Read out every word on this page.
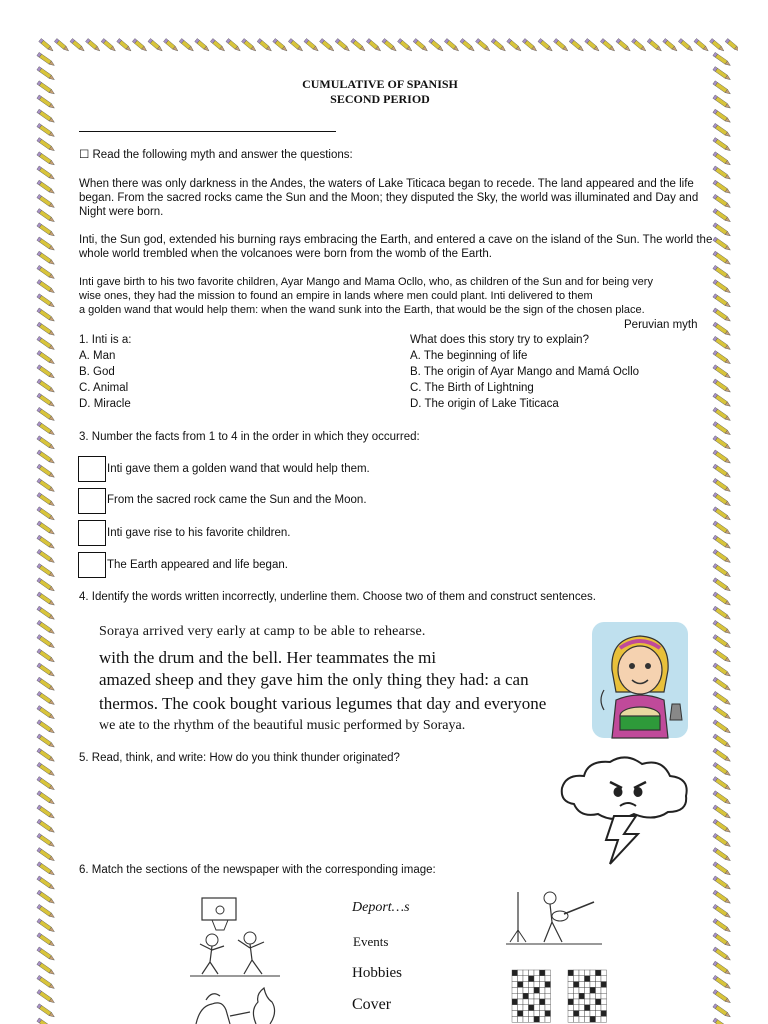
CUMULATIVE OF SPANISH
SECOND PERIOD
☐ Read the following myth and answer the questions:
When there was only darkness in the Andes, the waters of Lake Titicaca began to recede. The land appeared and the life began. From the sacred rocks came the Sun and the Moon; they disputed the Sky, the world was illuminated and Day and Night were born.
Inti, the Sun god, extended his burning rays embracing the Earth, and entered a cave on the island of the Sun. The world the whole world trembled when the volcanoes were born from the womb of the Earth.
Inti gave birth to his two favorite children, Ayar Mango and Mama Ocllo, who, as children of the Sun and for being very
wise ones, they had the mission to found an empire in lands where men could plant. Inti delivered to them
a golden wand that would help them: when the wand sunk into the Earth, that would be the sign of the chosen place.
Peruvian myth
1. Inti is a:
A. Man
B. God
C. Animal
D. Miracle
What does this story try to explain?
A. The beginning of life
B. The origin of Ayar Mango and Mamá Ocllo
C. The Birth of Lightning
D. The origin of Lake Titicaca
3. Number the facts from 1 to 4 in the order in which they occurred:
Inti gave them a golden wand that would help them.
From the sacred rock came the Sun and the Moon.
Inti gave rise to his favorite children.
The Earth appeared and life began.
4. Identify the words written incorrectly, underline them. Choose two of them and construct sentences.
Soraya arrived very early at camp to be able to rehearse.
with the drum and the bell. Her teammates the mi
amazed sheep and they gave him the only thing they had: a can
thermos. The cook bought various legumes that day and everyone
we ate to the rhythm of the beautiful music performed by Soraya.
5. Read, think, and write: How do you think thunder originated?
6. Match the sections of the newspaper with the corresponding image:
Deport…s
Events
Hobbies
Cover
